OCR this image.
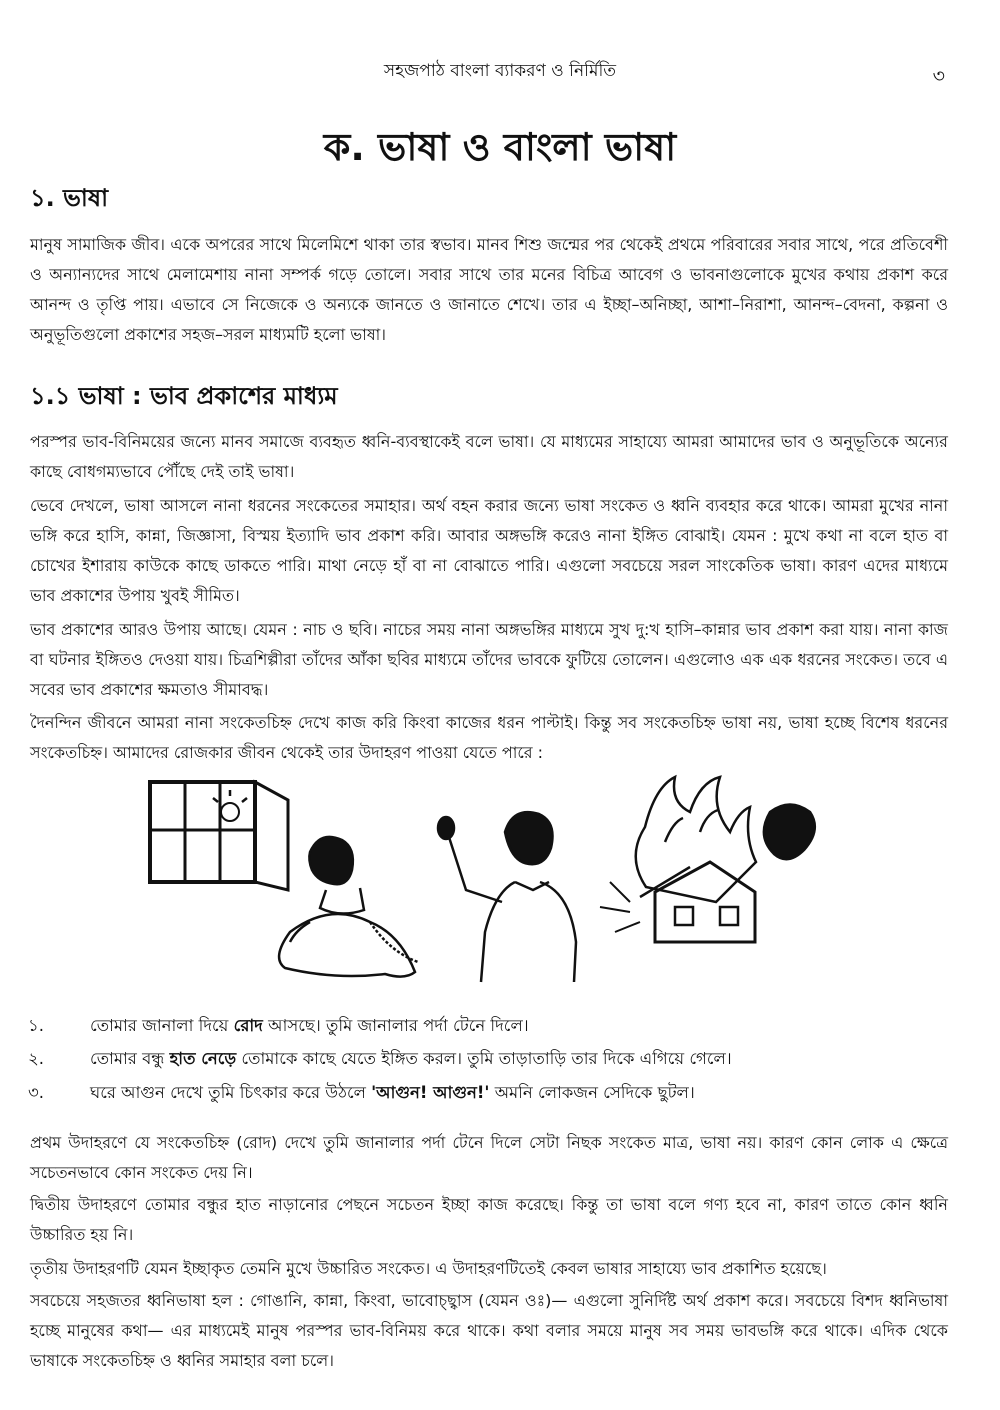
সহজপাঠ বাংলা ব্যাকরণ ও নির্মিতি	৩
ক. ভাষা ও বাংলা ভাষা
১. ভাষা
মানুষ সামাজিক জীব। একে অপরের সাথে মিলেমিশে থাকা তার স্বভাব। মানব শিশু জন্মের পর থেকেই প্রথমে পরিবারের সবার সাথে, পরে প্রতিবেশী ও অন্যান্যদের সাথে মেলামেশায় নানা সম্পর্ক গড়ে তোলে। সবার সাথে তার মনের বিচিত্র আবেগ ও ভাবনাগুলোকে মুখের কথায় প্রকাশ করে আনন্দ ও তৃপ্তি পায়। এভাবে সে নিজেকে ও অন্যকে জানতে ও জানাতে শেখে। তার এ ইচ্ছা–অনিচ্ছা, আশা–নিরাশা, আনন্দ–বেদনা, কল্পনা ও অনুভূতিগুলো প্রকাশের সহজ–সরল মাধ্যমটি হলো ভাষা।
১.১ ভাষা : ভাব প্রকাশের মাধ্যম
পরস্পর ভাব-বিনিময়ের জন্যে মানব সমাজে ব্যবহৃত ধ্বনি-ব্যবস্থাকেই বলে ভাষা। যে মাধ্যমের সাহায্যে আমরা আমাদের ভাব ও অনুভূতিকে অন্যের কাছে বোধগম্যভাবে পৌঁছে দেই তাই ভাষা।
ভেবে দেখলে, ভাষা আসলে নানা ধরনের সংকেতের সমাহার। অর্থ বহন করার জন্যে ভাষা সংকেত ও ধ্বনি ব্যবহার করে থাকে। আমরা মুখের নানা ভঙ্গি করে হাসি, কান্না, জিজ্ঞাসা, বিস্ময় ইত্যাদি ভাব প্রকাশ করি। আবার অঙ্গভঙ্গি করেও নানা ইঙ্গিত বোঝাই। যেমন : মুখে কথা না বলে হাত বা চোখের ইশারায় কাউকে কাছে ডাকতে পারি। মাথা নেড়ে হাঁ বা না বোঝাতে পারি। এগুলো সবচেয়ে সরল সাংকেতিক ভাষা। কারণ এদের মাধ্যমে ভাব প্রকাশের উপায় খুবই সীমিত।
ভাব প্রকাশের আরও উপায় আছে। যেমন : নাচ ও ছবি। নাচের সময় নানা অঙ্গভঙ্গির মাধ্যমে সুখ দু:খ হাসি–কান্নার ভাব প্রকাশ করা যায়। নানা কাজ বা ঘটনার ইঙ্গিতও দেওয়া যায়। চিত্রশিল্পীরা তাঁদের আঁকা ছবির মাধ্যমে তাঁদের ভাবকে ফুটিয়ে তোলেন। এগুলোও এক এক ধরনের সংকেত। তবে এ সবের ভাব প্রকাশের ক্ষমতাও সীমাবদ্ধ।
দৈনন্দিন জীবনে আমরা নানা সংকেতচিহ্ন দেখে কাজ করি কিংবা কাজের ধরন পাল্টাই। কিন্তু সব সংকেতচিহ্ন ভাষা নয়, ভাষা হচ্ছে বিশেষ ধরনের সংকেতচিহ্ন। আমাদের রোজকার জীবন থেকেই তার উদাহরণ পাওয়া যেতে পারে :
১.	তোমার জানালা দিয়ে রোদ আসছে। তুমি জানালার পর্দা টেনে দিলে।
২.	তোমার বন্ধু হাত নেড়ে তোমাকে কাছে যেতে ইঙ্গিত করল। তুমি তাড়াতাড়ি তার দিকে এগিয়ে গেলে।
৩.	ঘরে আগুন দেখে তুমি চিৎকার করে উঠলে 'আগুন! আগুন!' অমনি লোকজন সেদিকে ছুটল।
প্রথম উদাহরণে যে সংকেতচিহ্ন (রোদ) দেখে তুমি জানালার পর্দা টেনে দিলে সেটা নিছক সংকেত মাত্র, ভাষা নয়। কারণ কোন লোক এ ক্ষেত্রে সচেতনভাবে কোন সংকেত দেয় নি।
দ্বিতীয় উদাহরণে তোমার বন্ধুর হাত নাড়ানোর পেছনে সচেতন ইচ্ছা কাজ করেছে। কিন্তু তা ভাষা বলে গণ্য হবে না, কারণ তাতে কোন ধ্বনি উচ্চারিত হয় নি।
তৃতীয় উদাহরণটি যেমন ইচ্ছাকৃত তেমনি মুখে উচ্চারিত সংকেত। এ উদাহরণটিতেই কেবল ভাষার সাহায্যে ভাব প্রকাশিত হয়েছে।
সবচেয়ে সহজতর ধ্বনিভাষা হল : গোঙানি, কান্না, কিংবা, ভাবোচ্ছ্বাস (যেমন ওঃ)— এগুলো সুনির্দিষ্ট অর্থ প্রকাশ করে। সবচেয়ে বিশদ ধ্বনিভাষা হচ্ছে মানুষের কথা— এর মাধ্যমেই মানুষ পরস্পর ভাব-বিনিময় করে থাকে। কথা বলার সময়ে মানুষ সব সময় ভাবভঙ্গি করে থাকে। এদিক থেকে ভাষাকে সংকেতচিহ্ন ও ধ্বনির সমাহার বলা চলে।
